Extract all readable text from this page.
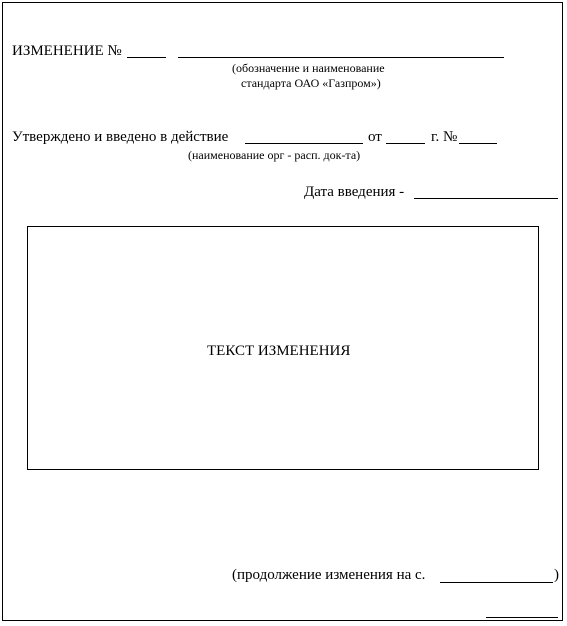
ИЗМЕНЕНИЕ №
(обозначение и наименование
стандарта ОАО «Газпром»)
Утверждено и введено в действие	от	г. №
(наименование орг - расп. док-та)
Дата введения -
ТЕКСТ ИЗМЕНЕНИЯ
(продолжение изменения на с.	)
